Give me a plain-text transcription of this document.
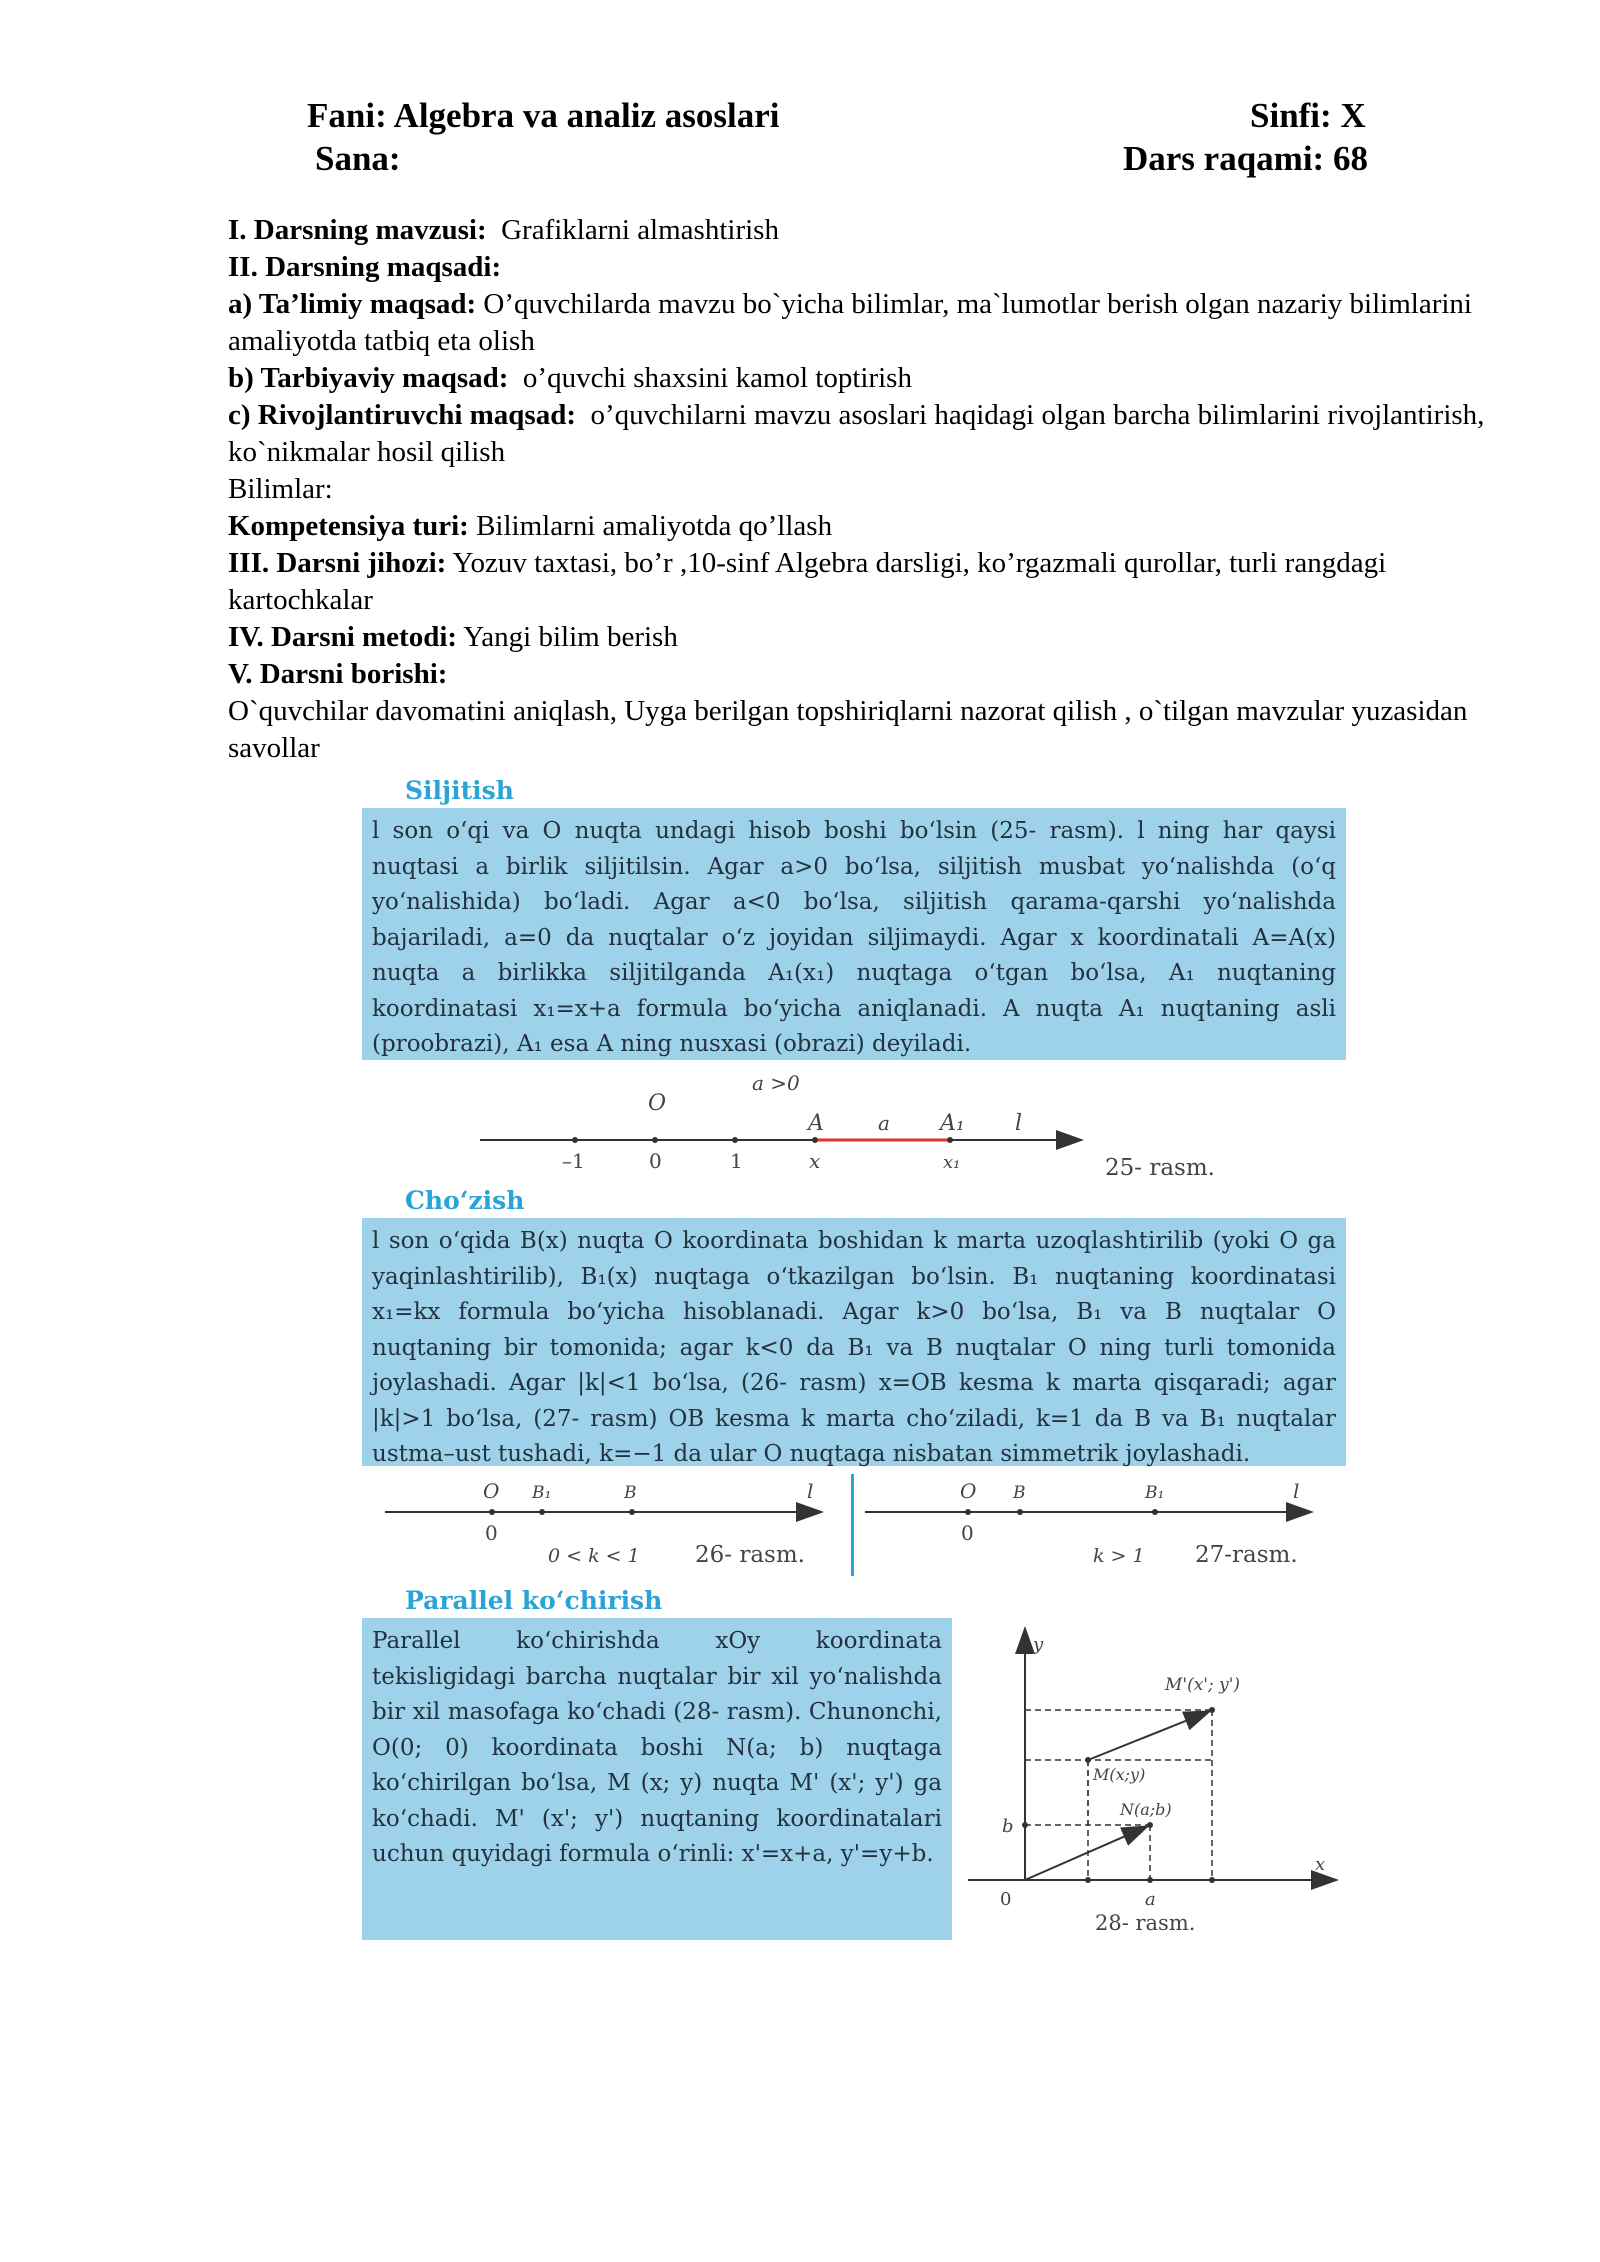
Fani: Algebra va analiz asoslari	Sinfi: X
Sana:	Dars raqami: 68

I. Darsning mavzusi: Grafiklarni almashtirish

II. Darsning maqsadi:

a) Ta’limiy maqsad: O’quvchilarda mavzu bo`yicha bilimlar, ma`lumotlar berish olgan nazariy bilimlarini amaliyotda tatbiq eta olish

b) Tarbiyaviy maqsad: o’quvchi shaxsini kamol toptirish

c) Rivojlantiruvchi maqsad: o’quvchilarni mavzu asoslari haqidagi olgan barcha bilimlarini rivojlantirish, ko`nikmalar hosil qilish

Bilimlar:

Kompetensiya turi: Bilimlarni amaliyotda qo’llash

III. Darsni jihozi: Yozuv taxtasi, bo’r ,10-sinf Algebra darsligi, ko’rgazmali qurollar, turli rangdagi kartochkalar

IV. Darsni metodi: Yangi bilim berish

V. Darsni borishi:

O`quvchilar davomatini aniqlash, Uyga berilgan topshiriqlarni nazorat qilish , o`tilgan mavzular yuzasidan savollar

Siljitish
l son o‘qi va O nuqta undagi hisob boshi bo‘lsin (25- rasm). l ning har qaysi nuqtasi a birlik siljitilsin. Agar a>0 bo‘lsa, siljitish musbat yo‘nalishda (o‘q yo‘nalishida) bo‘ladi. Agar a<0 bo‘lsa, siljitish qarama-qarshi yo‘nalishda bajariladi, a=0 da nuqtalar o‘z joyidan siljimaydi. Agar x koordinatali A=A(x) nuqta a birlikka siljitilganda A₁(x₁) nuqtaga o‘tgan bo‘lsa, A₁ nuqtaning koordinatasi x₁=x+a formula bo‘yicha aniqlanadi. A nuqta A₁ nuqtaning asli (proobrazi), A₁ esa A ning nusxasi (obrazi) deyiladi.
a >0
O
A	a A₁ l
–1	0	1	x	x₁	25- rasm.
Cho‘zish
l son o‘qida B(x) nuqta O koordinata boshidan k marta uzoqlashtirilib (yoki O ga yaqinlashtirilib), B₁(x) nuqtaga o‘tkazilgan bo‘lsin. B₁ nuqtaning koordinatasi x₁=kx formula bo‘yicha hisoblanadi. Agar k>0 bo‘lsa, B₁ va B nuqtalar O nuqtaning bir tomonida; agar k<0 da B₁ va B nuqtalar O ning turli tomonida joylashadi. Agar |k|<1 bo‘lsa, (26- rasm) x=OB kesma k marta qisqaradi; agar |k|>1 bo‘lsa, (27- rasm) OB kesma k marta cho‘ziladi, k=1 da B va B₁ nuqtalar ustma–ust tushadi, k=−1 da ular O nuqtaga nisbatan simmetrik joylashadi.
O B₁	B	l
0
0 < k < 1 26- rasm.
O B	B₁	l
0
k > 1 27-rasm.
Parallel ko‘chirish
Parallel ko‘chirishda xOy koordinata tekisligidagi barcha nuqtalar bir xil yo‘nalishda bir xil masofaga ko‘chadi (28- rasm). Chunonchi, O(0; 0) koordinata boshi N(a; b) nuqtaga ko‘chirilgan bo‘lsa, M (x; y) nuqta M' (x'; y') ga ko‘chadi. M' (x'; y') nuqtaning koordinatalari uchun quyidagi formula o‘rinli: x'=x+a, y'=y+b.
y
x
0
b
a
M'(x'; y')
M(x;y)
N(a;b)
28- rasm.
